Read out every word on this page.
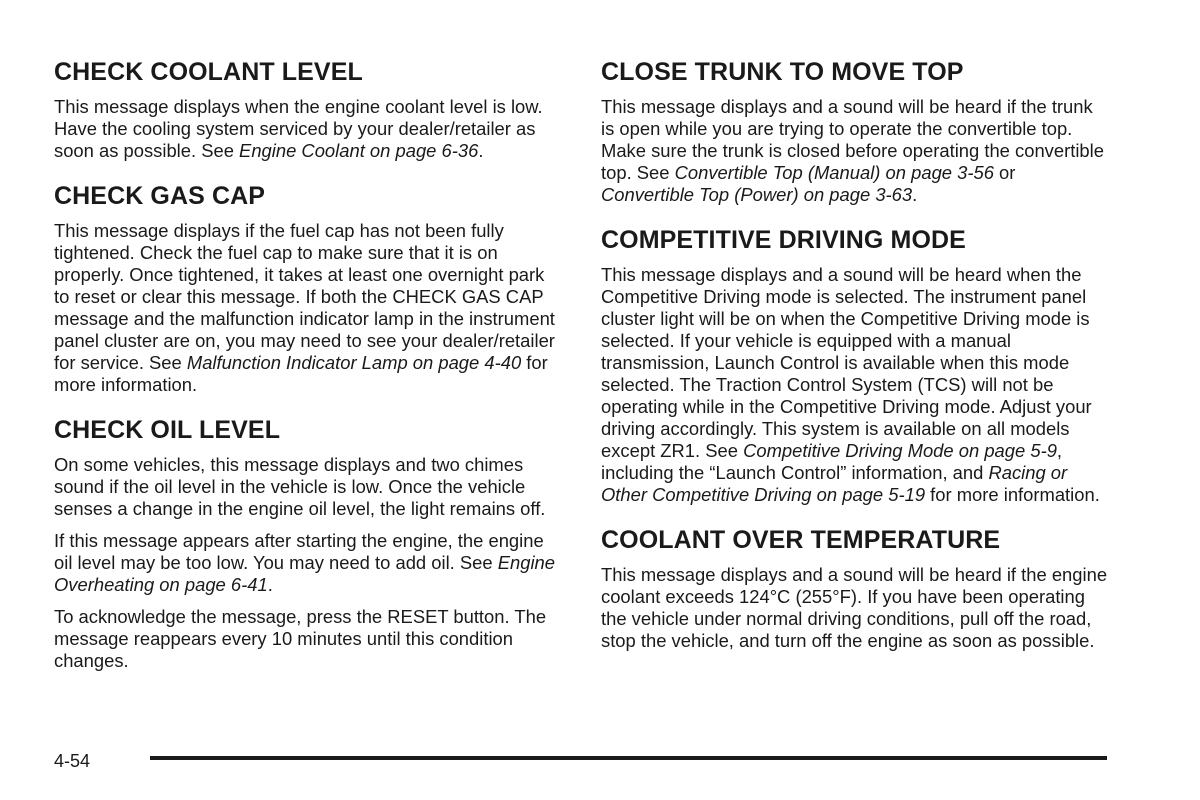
CHECK COOLANT LEVEL

This message displays when the engine coolant level is low. Have the cooling system serviced by your dealer/retailer as soon as possible. See Engine Coolant on page 6-36.

CHECK GAS CAP

This message displays if the fuel cap has not been fully tightened. Check the fuel cap to make sure that it is on properly. Once tightened, it takes at least one overnight park to reset or clear this message. If both the CHECK GAS CAP message and the malfunction indicator lamp in the instrument panel cluster are on, you may need to see your dealer/retailer for service. See Malfunction Indicator Lamp on page 4-40 for more information.

CHECK OIL LEVEL

On some vehicles, this message displays and two chimes sound if the oil level in the vehicle is low. Once the vehicle senses a change in the engine oil level, the light remains off.

If this message appears after starting the engine, the engine oil level may be too low. You may need to add oil. See Engine Overheating on page 6-41.

To acknowledge the message, press the RESET button. The message reappears every 10 minutes until this condition changes.

CLOSE TRUNK TO MOVE TOP

This message displays and a sound will be heard if the trunk is open while you are trying to operate the convertible top. Make sure the trunk is closed before operating the convertible top. See Convertible Top (Manual) on page 3-56 or Convertible Top (Power) on page 3-63.

COMPETITIVE DRIVING MODE

This message displays and a sound will be heard when the Competitive Driving mode is selected. The instrument panel cluster light will be on when the Competitive Driving mode is selected. If your vehicle is equipped with a manual transmission, Launch Control is available when this mode selected. The Traction Control System (TCS) will not be operating while in the Competitive Driving mode. Adjust your driving accordingly. This system is available on all models except ZR1. See Competitive Driving Mode on page 5-9, including the “Launch Control” information, and Racing or Other Competitive Driving on page 5-19 for more information.

COOLANT OVER TEMPERATURE

This message displays and a sound will be heard if the engine coolant exceeds 124°C (255°F). If you have been operating the vehicle under normal driving conditions, pull off the road, stop the vehicle, and turn off the engine as soon as possible.

4-54
